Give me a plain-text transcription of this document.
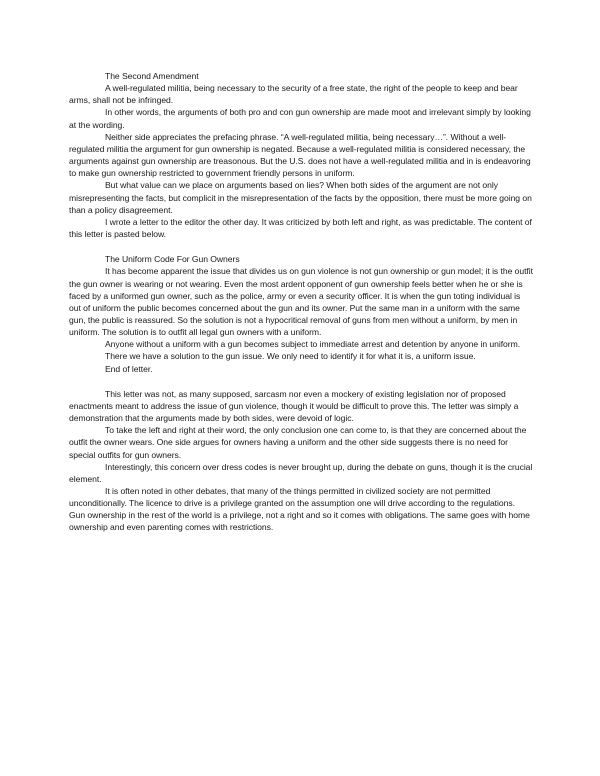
The Second Amendment

A well-regulated militia, being necessary to the security of a free state, the right of the people to keep and bear arms, shall not be infringed.

In other words, the arguments of both pro and con gun ownership are made moot and irrelevant simply by looking at the wording.

Neither side appreciates the prefacing phrase. “A well-regulated militia, being necessary…”. Without a well-regulated militia the argument for gun ownership is negated. Because a well-regulated militia is considered necessary, the arguments against gun ownership are treasonous. But the U.S. does not have a well-regulated militia and in is endeavoring to make gun ownership restricted to government friendly persons in uniform.

But what value can we place on arguments based on lies? When both sides of the argument are not only misrepresenting the facts, but complicit in the misrepresentation of the facts by the opposition, there must be more going on than a policy disagreement.

I wrote a letter to the editor the other day. It was criticized by both left and right, as was predictable. The content of this letter is pasted below.

The Uniform Code For Gun Owners

It has become apparent the issue that divides us on gun violence is not gun ownership or gun model; it is the outfit the gun owner is wearing or not wearing. Even the most ardent opponent of gun ownership feels better when he or she is faced by a uniformed gun owner, such as the police, army or even a security officer. It is when the gun toting individual is out of uniform the public becomes concerned about the gun and its owner. Put the same man in a uniform with the same gun, the public is reassured. So the solution is not a hypocritical removal of guns from men without a uniform, by men in uniform. The solution is to outfit all legal gun owners with a uniform.

Anyone without a uniform with a gun becomes subject to immediate arrest and detention by anyone in uniform.

There we have a solution to the gun issue. We only need to identify it for what it is, a uniform issue.

End of letter.

This letter was not, as many supposed, sarcasm nor even a mockery of existing legislation nor of proposed enactments meant to address the issue of gun violence, though it would be difficult to prove this. The letter was simply a demonstration that the arguments made by both sides, were devoid of logic.

To take the left and right at their word, the only conclusion one can come to, is that they are concerned about the outfit the owner wears. One side argues for owners having a uniform and the other side suggests there is no need for special outfits for gun owners.

Interestingly, this concern over dress codes is never brought up, during the debate on guns, though it is the crucial element.

It is often noted in other debates, that many of the things permitted in civilized society are not permitted unconditionally. The licence to drive is a privilege granted on the assumption one will drive according to the regulations. Gun ownership in the rest of the world is a privilege, not a right and so it comes with obligations. The same goes with home ownership and even parenting comes with restrictions.
